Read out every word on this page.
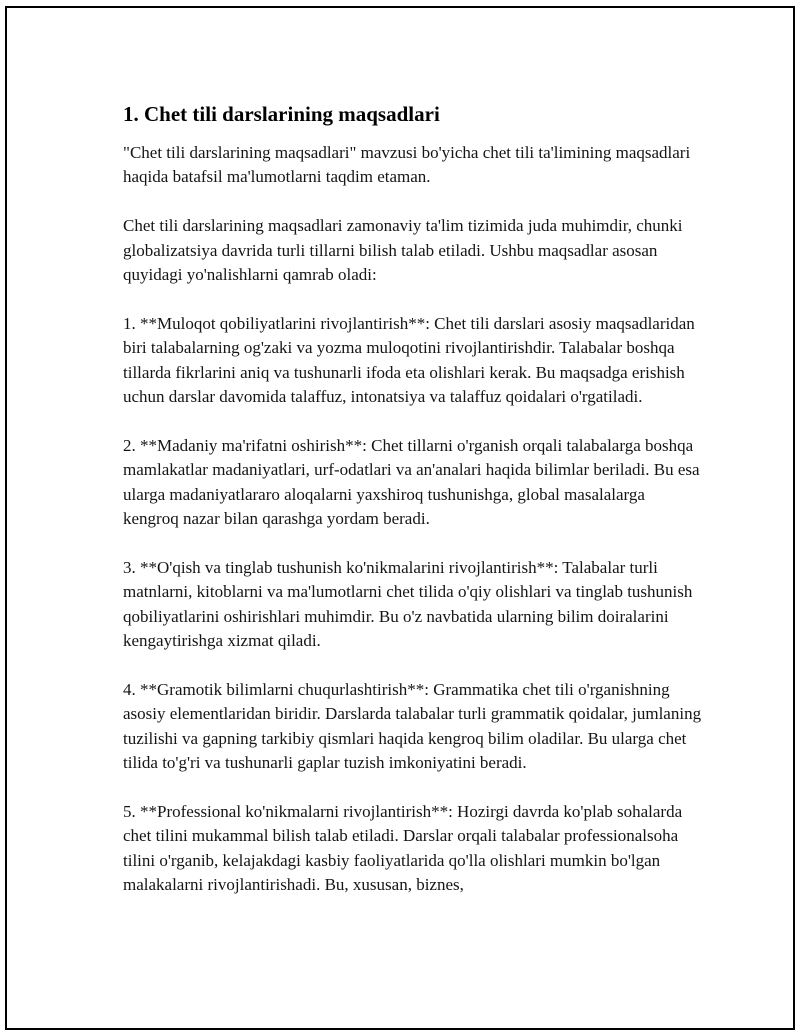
1. Chet tili darslarining maqsadlari

"Chet tili darslarining maqsadlari" mavzusi bo'yicha chet tili ta'limining maqsadlari haqida batafsil ma'lumotlarni taqdim etaman.

Chet tili darslarining maqsadlari zamonaviy ta'lim tizimida juda muhimdir, chunki globalizatsiya davrida turli tillarni bilish talab etiladi. Ushbu maqsadlar asosan quyidagi yo'nalishlarni qamrab oladi:

1. **Muloqot qobiliyatlarini rivojlantirish**: Chet tili darslari asosiy maqsadlaridan biri talabalarning og'zaki va yozma muloqotini rivojlantirishdir. Talabalar boshqa tillarda fikrlarini aniq va tushunarli ifoda eta olishlari kerak. Bu maqsadga erishish uchun darslar davomida talaffuz, intonatsiya va talaffuz qoidalari o'rgatiladi.

2. **Madaniy ma'rifatni oshirish**: Chet tillarni o'rganish orqali talabalarga boshqa mamlakatlar madaniyatlari, urf-odatlari va an'analari haqida bilimlar beriladi. Bu esa ularga madaniyatlararo aloqalarni yaxshiroq tushunishga, global masalalarga kengroq nazar bilan qarashga yordam beradi.

3. **O'qish va tinglab tushunish ko'nikmalarini rivojlantirish**: Talabalar turli matnlarni, kitoblarni va ma'lumotlarni chet tilida o'qiy olishlari va tinglab tushunish qobiliyatlarini oshirishlari muhimdir. Bu o'z navbatida ularning bilim doiralarini kengaytirishga xizmat qiladi.

4. **Gramotik bilimlarni chuqurlashtirish**: Grammatika chet tili o'rganishning asosiy elementlaridan biridir. Darslarda talabalar turli grammatik qoidalar, jumlaning tuzilishi va gapning tarkibiy qismlari haqida kengroq bilim oladilar. Bu ularga chet tilida to'g'ri va tushunarli gaplar tuzish imkoniyatini beradi.

5. **Professional ko'nikmalarni rivojlantirish**: Hozirgi davrda ko'plab sohalarda chet tilini mukammal bilish talab etiladi. Darslar orqali talabalar professionalsoha tilini o'rganib, kelajakdagi kasbiy faoliyatlarida qo'lla olishlari mumkin bo'lgan malakalarni rivojlantirishadi. Bu, xususan, biznes,
